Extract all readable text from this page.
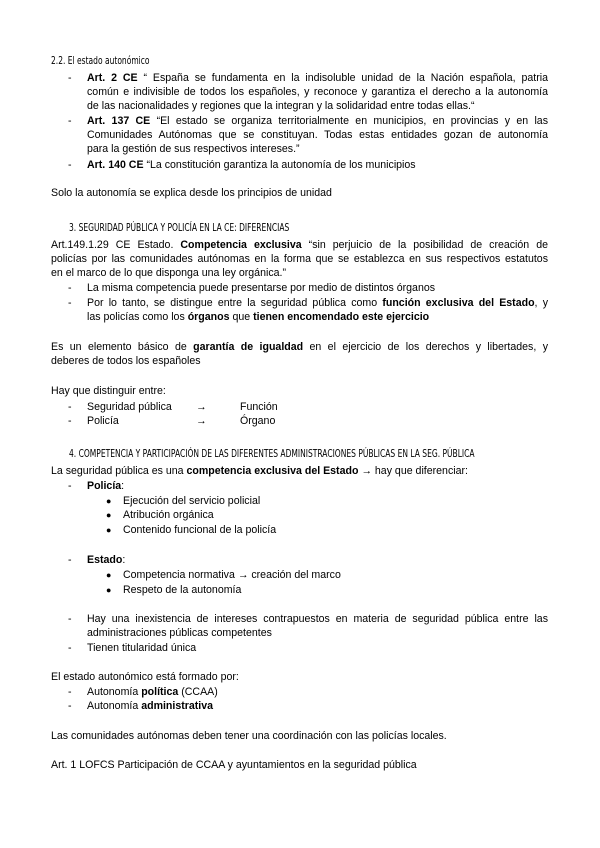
2.2. El estado autonómico
- Art. 2 CE “ España se fundamenta en la indisoluble unidad de la Nación española, patria
común e indivisible de todos los españoles, y reconoce y garantiza el derecho a la autonomía
de las nacionalidades y regiones que la integran y la solidaridad entre todas ellas.“
- Art. 137 CE “El estado se organiza territorialmente en municipios, en provincias y en las
Comunidades Autónomas que se constituyan. Todas estas entidades gozan de autonomía
para la gestión de sus respectivos intereses.”
- Art. 140 CE “La constitución garantiza la autonomía de los municipios
Solo la autonomía se explica desde los principios de unidad
3. SEGURIDAD PÚBLICA Y POLICÍA EN LA CE: DIFERENCIAS
Art.149.1.29 CE Estado. Competencia exclusiva “sin perjuicio de la posibilidad de creación de
policías por las comunidades autónomas en la forma que se establezca en sus respectivos estatutos
en el marco de lo que disponga una ley orgánica.”
- La misma competencia puede presentarse por medio de distintos órganos
- Por lo tanto, se distingue entre la seguridad pública como función exclusiva del Estado, y
las policías como los órganos que tienen encomendado este ejercicio
Es un elemento básico de garantía de igualdad en el ejercicio de los derechos y libertades, y
deberes de todos los españoles
Hay que distinguir entre:
- Seguridad pública →	Función
- Policía	→	Órgano
4. COMPETENCIA Y PARTICIPACIÓN DE LAS DIFERENTES ADMINISTRACIONES PÚBLICAS EN LA SEG. PÚBLICA
La seguridad pública es una competencia exclusiva del Estado → hay que diferenciar:
- Policía:
● Ejecución del servicio policial
● Atribución orgánica
● Contenido funcional de la policía
- Estado:
● Competencia normativa → creación del marco
● Respeto de la autonomía
- Hay una inexistencia de intereses contrapuestos en materia de seguridad pública entre las
administraciones públicas competentes
- Tienen titularidad única
El estado autonómico está formado por:
- Autonomía política (CCAA)
- Autonomía administrativa
Las comunidades autónomas deben tener una coordinación con las policías locales.
Art. 1 LOFCS Participación de CCAA y ayuntamientos en la seguridad pública
